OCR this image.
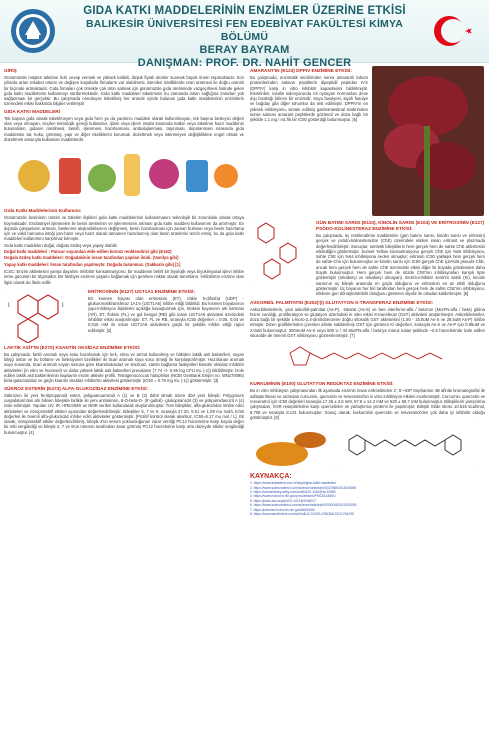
GIDA KATKI MADDELERİNİN ENZİMLER ÜZERİNE ETKİSİ
BALIKESİR ÜNİVERSİTESİ FEN EDEBİYAT FAKÜLTESİ KİMYA BÖLÜMÜ
BERAY BAYRAM
DANIŞMAN: PROF. DR. NAHİT GENCER
GİRİŞ
Günümüzde müşteri talebine hızlı cevap vermek ve yüksek kaliteli, düşük fiyatlı ürünler sunmak büyük önem taşımaktadır. Son yıllarda artan rekabet ortamı ve değişen koşullarla firmaların var olabilmesi, istenilen özelliklerde ürün üretmesi ile doğru orantılı bir biçimde artmaktadır. Gıda firmaları çok örnekte çok ürün satmak için günümüzde gıda üretiminde vazgeçilmesi halinde gelen gıda katkı maddelerini kullanmayı sürdürmektedir. Gıda katkı maddeleri tüketiminin bu zamanda insan sağlığına zararları yok sağlanması bir gerçektir. Bu çalışmada nereduyse tüketilmiş her üründe içinde bulunan gıda katkı maddelerinin enzimlerin üzerindeki etkisi hakkında bilgiler verilmiştir.
GIDA KATKI MADDELERİ
Tek başına gıda olarak tüketilmeyen veya gıda hem ya da yardımcı maddesi olarak kullanılmayan, tek başına besleyici değeri olan veya olmayan, seçilen teknolojik gereği kullanılan, işlem veya işlem imalat sırasında katkın veya tüketime hazır maddenin bulunabilen, gıdanın üretilmesi, tasnifi, işlenmesi, hazırlanması, ambalajlanması, taşınması, depolanması sırasında gıda maddesine tat, koku, görünüş, yapı ve diğer niteliklerini korumak, düzeltmek veya istenmeyen değişikliklere engel olmak ve düzeltmek amacıyla kullanılan maddelerdir.
Gıda Katkı Maddelerinin Kullanımı:
Günümüzde besinlerin üretim ve tüketim ilişkileri gıda katkı maddelerinin kullanılmasını teknolojik bir zorunluluk olarak ortaya koymaktadır. Endüstriyel işletmeleri ile besin üretiminin ve işlenmesinin artması gıda katkı maddesi kullanımını da artırmıştır. Ev dışında çalışanların artması, beslenme alışkanlıklarının değişmesi, besin hazırlanması için zaman bulması veya besin hazırlama için ve vakit harcama isteği yan-hazır veya hazır olarak tamamen hazırlanmış olan besin ürünlerini tercih etmiş, bu da gıda katkı maddeleri kullanımını karşılmaz kılmıştır.
Gıda katkı maddeleri doğal, doğala özdeş veya yapay olabilir.
Doğal katkı maddeleri : Pancar suyundan elde edilen kırmızı renklendirici gibi (E162)
Doğala özdeş katkı maddeleri: Doğadakinin insan tarafından yapılan iloidi. (Vanilya gibi)
Yapay katkı maddeleri: İnsan tarafından yapılmıştır. Doğada bulunmaz. (Sakkarin gibi) [1]
ICSC: Enzim aktivitesini yarışa dayalımı inhibitör konsantrasyonu; bir maddenin belirli bir biyolojik veya biyokimyasal işlevi inhibe etme gücünün bir ölçüsüdür. Bir farklıyet enzimin yaşamı bağlamak için gereken miktar olarak tanımlanır. İnhibitörün enzime olan ilgisi olarak da ifade edilir.
I
I
ERİTROSİNİN (E127) UGT1A1 ENZİMİNE ETKİSİ:
Bir kısmen boyası olan eritrosinin (ET), iötkin 5-difosfat (UDP) - glukuronosiltransferaz 1A1'e (UGT1A6) inhibe ettiği bildirildi. Bu kısmen boyalarının yapı-inhibisyon ilişkilerini açıklığa kavuşturmak için, tiroksin boyasının ark karması (AR), ET, floksin (FL) ve gül bengal (RB) gibi insan UGT1A6 aktivitesi üzerindeki inhibitör etkisi araştırılmıştır. ET, FL ve RB, sırasıyla IC50 değerleri = 0,05, 0,04 ve 0,015 mM ile insan UGT1A6 aktivitesini güçlü bir şekilde inhibe ettiği rapor edilmiştir. [2]
LAKTİK ASİT'İN (E270) KSANTİN OKSİDAZ ENZİMİNE ETKİSİ:
Bu çalışmada, farklı aromalı soya sosu hazırlamak için kırk, elma ve armut kullanılmış ve bitkiden laktik asit bakterileri, soyan bilişçi üstün ve bu bölüme ve fonksiyonel özellikleri iki ticari aromalı soya sosu örneği ile karşılaştırılmıştır. Hazırlanan aromalı soya sosunda, ticari aromalı soyan sosuna göre ksantinoksidaz ve tirozinaz, xantin bağlama faaliyetleri ksantin oksidaz inhibitör aktiviteleri (in vitro ve hücresel) ve daha yüksek laktik asit bakterileri prevalansı (7.74 ×/- 0.55 log CFU mL (-1)) bildirilmiştir. İzole edilen laktik asit bakterilerinin kapsamlı enzim aktivite profili, Tetragenococcus halophilus (NCBI GenBank Erişim no. MN270095) beta-galactosidaz ve güçlü ksantin oksidaz inhibitörü aktivitesi göstermiştir (IC50 = 0.79 mg mL (-1)) göstermiştir. [3]
SÜKROZ ESTERİN (E473) ALFA-GLUKOZİDAZ ENZİMİNE ETKİSİ:
Sükrozun iki yeni fenilpropanoid esteri, poliguanuaroroid A (1) ve B (2) dahil olmak üzere dört yeni bileşik; Polygonum cuspidatum'dan ahi bilinen bileşikle birlikte iki yeni antrakinon, 8-O-beta-D- (6'-galloil) -glukopiranozit (3) ve polipamidanozit A (4) izole edilmiştir. Yapıları UV, IR, HRESIMS ve NMR verileri kullanılarak oluşturulmuştur. Tüm bileşikler, alfa-glukozidaz inhibe edici aktiviteleri ve nöroprotektif etkileri açısından değerlendirilmiştir. Bileşikler 5, 7 ve 9, sırasıyla 27.20, 5.51 ve 1.09 mu mol/L IC50 değerleri ile önemli alfa-glukozidaz inhibe edici aktiviteler göstermiştir. [Pozitif kontrol olarak akarboz, IC50=6.17 mu mol / L]. Ek olarak, nöroprotektif etkiler değerlendirilmiş, bileşik 3'ün serum yoksunluğunun zarar verdiği PC12 hücrelerine karşı koyda değer bir etki sergilediği ve bileşik 2, 7 ve 9'un rotenon tarafından zarar görmüş PC12 hücrelerine karşı orta düzeyde etkiler sergilediği bulunmuştur. [4]
AMARANT'IN (E123) DPPIV ENZİMİNE ETKİSİ:
Bu çalışmada, enzimatik sindirimden sonra amarantlı tohum proteinlerinden salınan peptitlerin dipeptidil peptidaz IV'e (DPPIV) karşı in vitro inhibitör kapasitesini bildirilmiştir. İnkretinleri, insülin salınıyorunda rol oynayan hormonları deve dışı bıraktığı bilinen bir enzimdir. Soya fasulyesi, siyah fasulye ve buğday gibi diğer tohumlar da test edilmiştir. DPPIV'in en yüksek inhibisyonu, simüle edilmiş gastrointestinal sindirimden sonra salınan amarant peptitlerde gözlendi ve doza bağlı bir şekilde 1.1 mg / mL'lik bir IC50 gösterdiği bulunmuştur. [5]
GÜN BATIMI SARISI (E110), KİNOLİN SARISI (E104) VE ERİTROSİNİN (E127) PSÖDO-KOLİNESTERAZ ENZİMİNE ETKİSİ:
Bu çalışmada, üç renklendirme maddesinin (gün batımı sarısı, kinolin sarısı ve eritrosin) gerçek ve psödo-kolinesterazlar (ChE) üzerindeki etkileri insan eritrosit ve plazmada değerlendirilmiştir. Sonuçlar, sentetik bileşiklerin hem gerçek hem de sahte ChE aktivitesini etkilediğini göstermiştir. Sunset Yellow konsantrasyonu gerçek ChE için %50 inhibisyona, sahte ChE için %64 inhibisyona neden olmuştur; eritrosin IC50 yaklaşık hem gerçek hem de sahte-Che için bulunmuştur ve kinolin sarısı için IC50 gerçek ChE için%25 pseudo-ChE, ancak hem gerçek hem de sahte ChE üzerindeki etkisi diğer iki boyada görülenden daha büyük bulunmuştur. Hem gerçek hem de sözde ChE'nin inhibisyonları karışık tipte gözlemiştir (rekabetçi ve rekabetçi olmayan). Enzim-inhibitör sentrim sabiti (Ki), kinolin sarısının üç bileşik arasında en güçlü olduğunu ve eritrosinin en az etkili olduğunu göstermiştir. Üç boyanın her biri tarafından hem gerçek hem de sahte ChE'nin inhibisyonu, etkilerin geri dönüştürülebilir olduğunu gösteren diyaliz ile ortadan kaldırılmıştır. [6]
ASKORBİL PALMİTATIN (E304)'(I) GLUTATYON S-TRANSFERAZ ENZİMİNE ETKİSİ:
Askorbilesterlerin, yani askorbil-palmitat (As-P), -stearat (As-S) ve fare interferon-alfa / beta'nın (MuIFN-alfa / beta) gibina hücre canlılığı, proliferasyon ve glutatyon üzerindeki in vitro etkisi S-transferaz (GST) aktivitesi araştırılmıştır. Askorbilesterler, doza bağlı bir şekilde 1-kloro-2,4-dinitrobenzene doğru sitosolik GST aktivitesini (1.50 - 15.0uM As-S ve 28.5uM As-P) inhibe etmiştir. Dizen grafiklerinden çizenlen afinite sabitlerimiş GST için görünen Ki değerleri, sırasıyla As-S ve As-P için 0.95uM ve 2.0uM bulunmuştur; 300muM As-S veya 600 U / ml MuIFN-alfa / beta'ya maruz kalan şeklinde ~0.6 hücrelerinde izole edilen sitozolde de önemli GST inhibisyonu gözlemlenmiştir. [7]
KURKUMİNİN (E100) GLUTATYON REDÜKTAZ ENZİMİNE ETKİSİ:
Bu in vitro inhibisyon çalışmasından ilk aşamada enzimin insan eritrositinden 2', 5'-ADP Sepharose 4B afinite kromatografisi ile saflaştırılması ve ardından curcumin, quercetin ve resveratrol'ün in vitro inhibisyon etkileri incelenmiştir. Curcumin, quercetin ve resveratrol için IC50 değerleri sırasıyla 17.25 ± 3.8 mM, 57.8 ± 14.2 mM ve 520 ± 96.7 mM bulunmuştur. Bileşiklerin yarışılırma çalışmaları, hGR reseptörlerine karşı quercetinler ve yarlaştırma yöntemi ile yapılmıştır. Bileşik Glide skoru 10.515 kcal/mol, 8.708 ve sırasıyla 8.131 bulunmuştur. Sonuç olarak, kurkuminin quercetin ve resveratrol'den çok daha iyi inhibitör olduğu görülmüştür. [8]
KAYNAKÇA:
1. https://www.acibadem.com.tr/hayat/gida-katki-maddeleri/
2. https://www.sciencedirect.com/science/article/pii/S0278691514005390
3. https://onlinelibrary.wiley.com/doi/full/10.1002/jsfa.10580
4. https://www.ncbi.nlm.nih.gov/pmc/articles/PMC8144591/
5. https://pubs.acs.org/doi/10.1021/jf4046227
6. https://www.sciencedirect.com/science/article/pii/S0300483X11000059
7. https://pubmed.ncbi.nlm.nih.gov/8606166/
8. https://www.tandfonline.com/doi/full/10.3109/14756366.2013.764295
